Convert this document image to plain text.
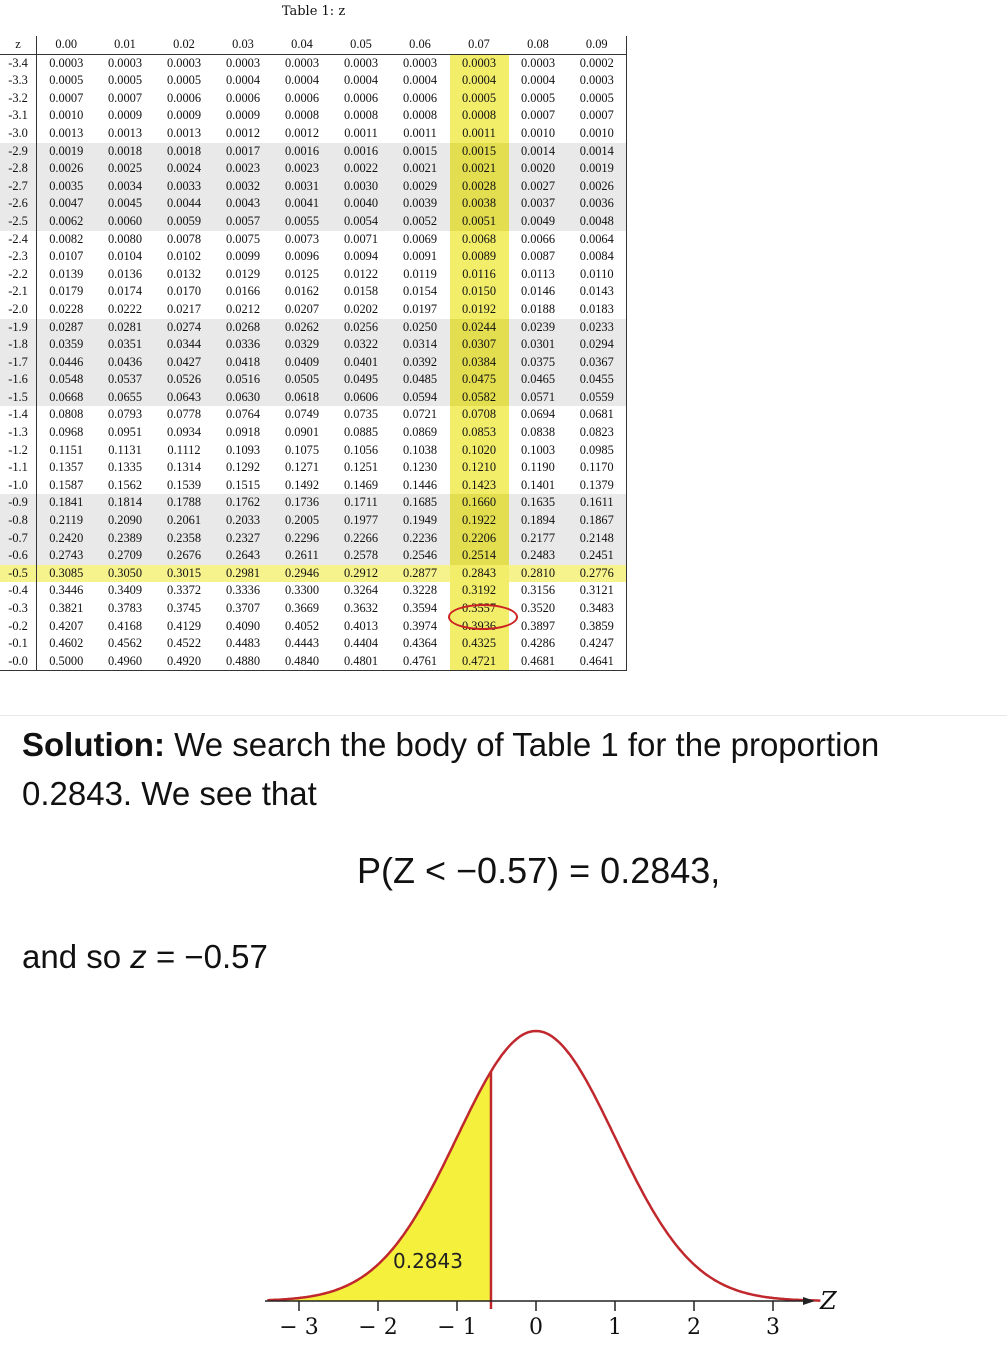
Table 1: z
z	0.00	0.01	0.02	0.03	0.04	0.05	0.06	0.07	0.08	0.09
-3.4	0.0003	0.0003	0.0003	0.0003	0.0003	0.0003	0.0003	0.0003	0.0003	0.0002
-3.3	0.0005	0.0005	0.0005	0.0004	0.0004	0.0004	0.0004	0.0004	0.0004	0.0003
-3.2	0.0007	0.0007	0.0006	0.0006	0.0006	0.0006	0.0006	0.0005	0.0005	0.0005
-3.1	0.0010	0.0009	0.0009	0.0009	0.0008	0.0008	0.0008	0.0008	0.0007	0.0007
-3.0	0.0013	0.0013	0.0013	0.0012	0.0012	0.0011	0.0011	0.0011	0.0010	0.0010
-2.9	0.0019	0.0018	0.0018	0.0017	0.0016	0.0016	0.0015	0.0015	0.0014	0.0014
-2.8	0.0026	0.0025	0.0024	0.0023	0.0023	0.0022	0.0021	0.0021	0.0020	0.0019
-2.7	0.0035	0.0034	0.0033	0.0032	0.0031	0.0030	0.0029	0.0028	0.0027	0.0026
-2.6	0.0047	0.0045	0.0044	0.0043	0.0041	0.0040	0.0039	0.0038	0.0037	0.0036
-2.5	0.0062	0.0060	0.0059	0.0057	0.0055	0.0054	0.0052	0.0051	0.0049	0.0048
-2.4	0.0082	0.0080	0.0078	0.0075	0.0073	0.0071	0.0069	0.0068	0.0066	0.0064
-2.3	0.0107	0.0104	0.0102	0.0099	0.0096	0.0094	0.0091	0.0089	0.0087	0.0084
-2.2	0.0139	0.0136	0.0132	0.0129	0.0125	0.0122	0.0119	0.0116	0.0113	0.0110
-2.1	0.0179	0.0174	0.0170	0.0166	0.0162	0.0158	0.0154	0.0150	0.0146	0.0143
-2.0	0.0228	0.0222	0.0217	0.0212	0.0207	0.0202	0.0197	0.0192	0.0188	0.0183
-1.9	0.0287	0.0281	0.0274	0.0268	0.0262	0.0256	0.0250	0.0244	0.0239	0.0233
-1.8	0.0359	0.0351	0.0344	0.0336	0.0329	0.0322	0.0314	0.0307	0.0301	0.0294
-1.7	0.0446	0.0436	0.0427	0.0418	0.0409	0.0401	0.0392	0.0384	0.0375	0.0367
-1.6	0.0548	0.0537	0.0526	0.0516	0.0505	0.0495	0.0485	0.0475	0.0465	0.0455
-1.5	0.0668	0.0655	0.0643	0.0630	0.0618	0.0606	0.0594	0.0582	0.0571	0.0559
-1.4	0.0808	0.0793	0.0778	0.0764	0.0749	0.0735	0.0721	0.0708	0.0694	0.0681
-1.3	0.0968	0.0951	0.0934	0.0918	0.0901	0.0885	0.0869	0.0853	0.0838	0.0823
-1.2	0.1151	0.1131	0.1112	0.1093	0.1075	0.1056	0.1038	0.1020	0.1003	0.0985
-1.1	0.1357	0.1335	0.1314	0.1292	0.1271	0.1251	0.1230	0.1210	0.1190	0.1170
-1.0	0.1587	0.1562	0.1539	0.1515	0.1492	0.1469	0.1446	0.1423	0.1401	0.1379
-0.9	0.1841	0.1814	0.1788	0.1762	0.1736	0.1711	0.1685	0.1660	0.1635	0.1611
-0.8	0.2119	0.2090	0.2061	0.2033	0.2005	0.1977	0.1949	0.1922	0.1894	0.1867
-0.7	0.2420	0.2389	0.2358	0.2327	0.2296	0.2266	0.2236	0.2206	0.2177	0.2148
-0.6	0.2743	0.2709	0.2676	0.2643	0.2611	0.2578	0.2546	0.2514	0.2483	0.2451
-0.5	0.3085	0.3050	0.3015	0.2981	0.2946	0.2912	0.2877	0.2843	0.2810	0.2776
-0.4	0.3446	0.3409	0.3372	0.3336	0.3300	0.3264	0.3228	0.3192	0.3156	0.3121
-0.3	0.3821	0.3783	0.3745	0.3707	0.3669	0.3632	0.3594	0.3557	0.3520	0.3483
-0.2	0.4207	0.4168	0.4129	0.4090	0.4052	0.4013	0.3974	0.3936	0.3897	0.3859
-0.1	0.4602	0.4562	0.4522	0.4483	0.4443	0.4404	0.4364	0.4325	0.4286	0.4247
-0.0	0.5000	0.4960	0.4920	0.4880	0.4840	0.4801	0.4761	0.4721	0.4681	0.4641

Solution: We search the body of Table 1 for the proportion 0.2843. We see that

P(Z < −0.57) = 0.2843,

and so z = −0.57

− 3 − 2 − 1 0	1	2	3
Z
0.2843
